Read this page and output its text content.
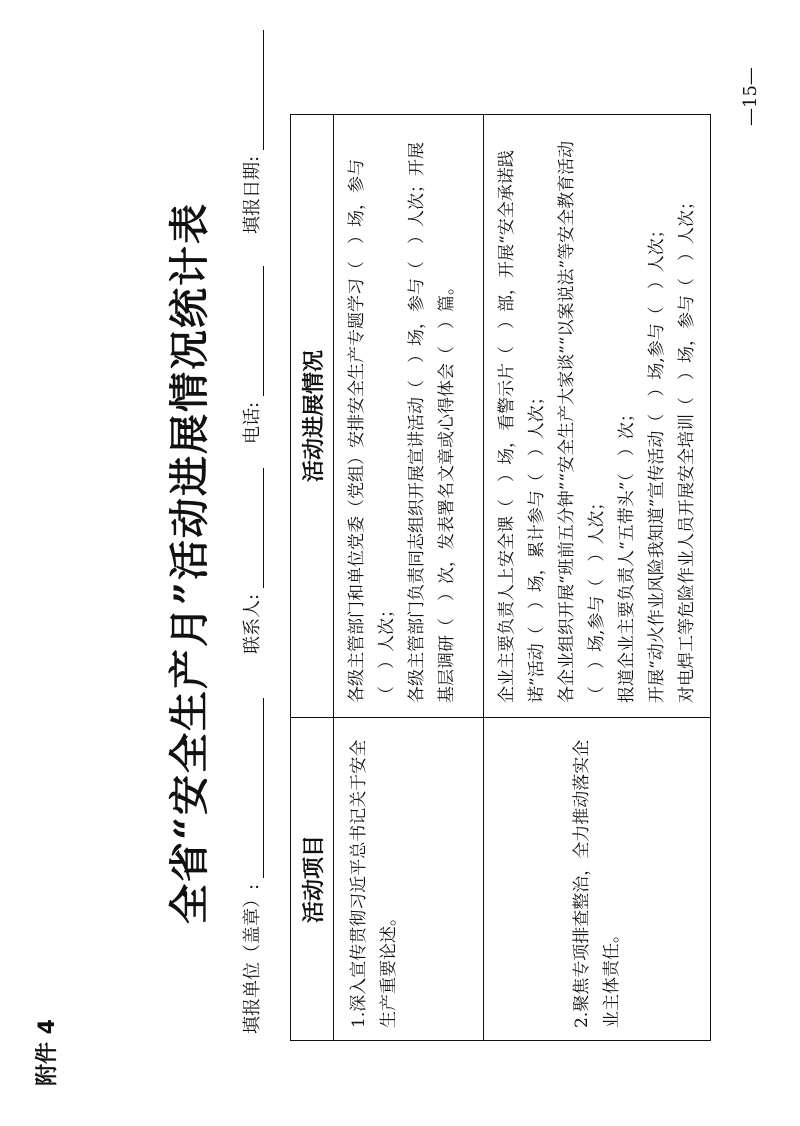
附件 4
全省“安全生产月”活动进展情况统计表
填报单位（盖章）:
联系人:
电话:
填报日期:
活动项目	活动进展情况
1.深入宣传贯彻习近平总书记关于安全生产重要论述。	各级主管部门和单位党委（党组）安排安全生产专题学习（　）场，参与（　）人次； 各级主管部门负责同志组织开展宣讲活动（　）场，参与（　）人次；开展基层调研（　）次，发表署名文章或心得体会（　）篇。

2.聚焦专项排查整治，全力推动落实企业主体责任。	企业主要负责人上安全课（　）场，看警示片（　）部，开展“安全承诺践诺”活动（　）场，累计参与（　）人次； 各企业组织开展“班前五分钟”“安全生产大家谈”“以案说法”等安全教育活动（　）场,参与（　）人次； 报道企业主要负责人“五带头”（　）次； 开展“动火作业风险我知道”宣传活动（　）场,参与（　）人次； 对电焊工等危险作业人员开展安全培训（　）场，参与（　）人次；
—15—
